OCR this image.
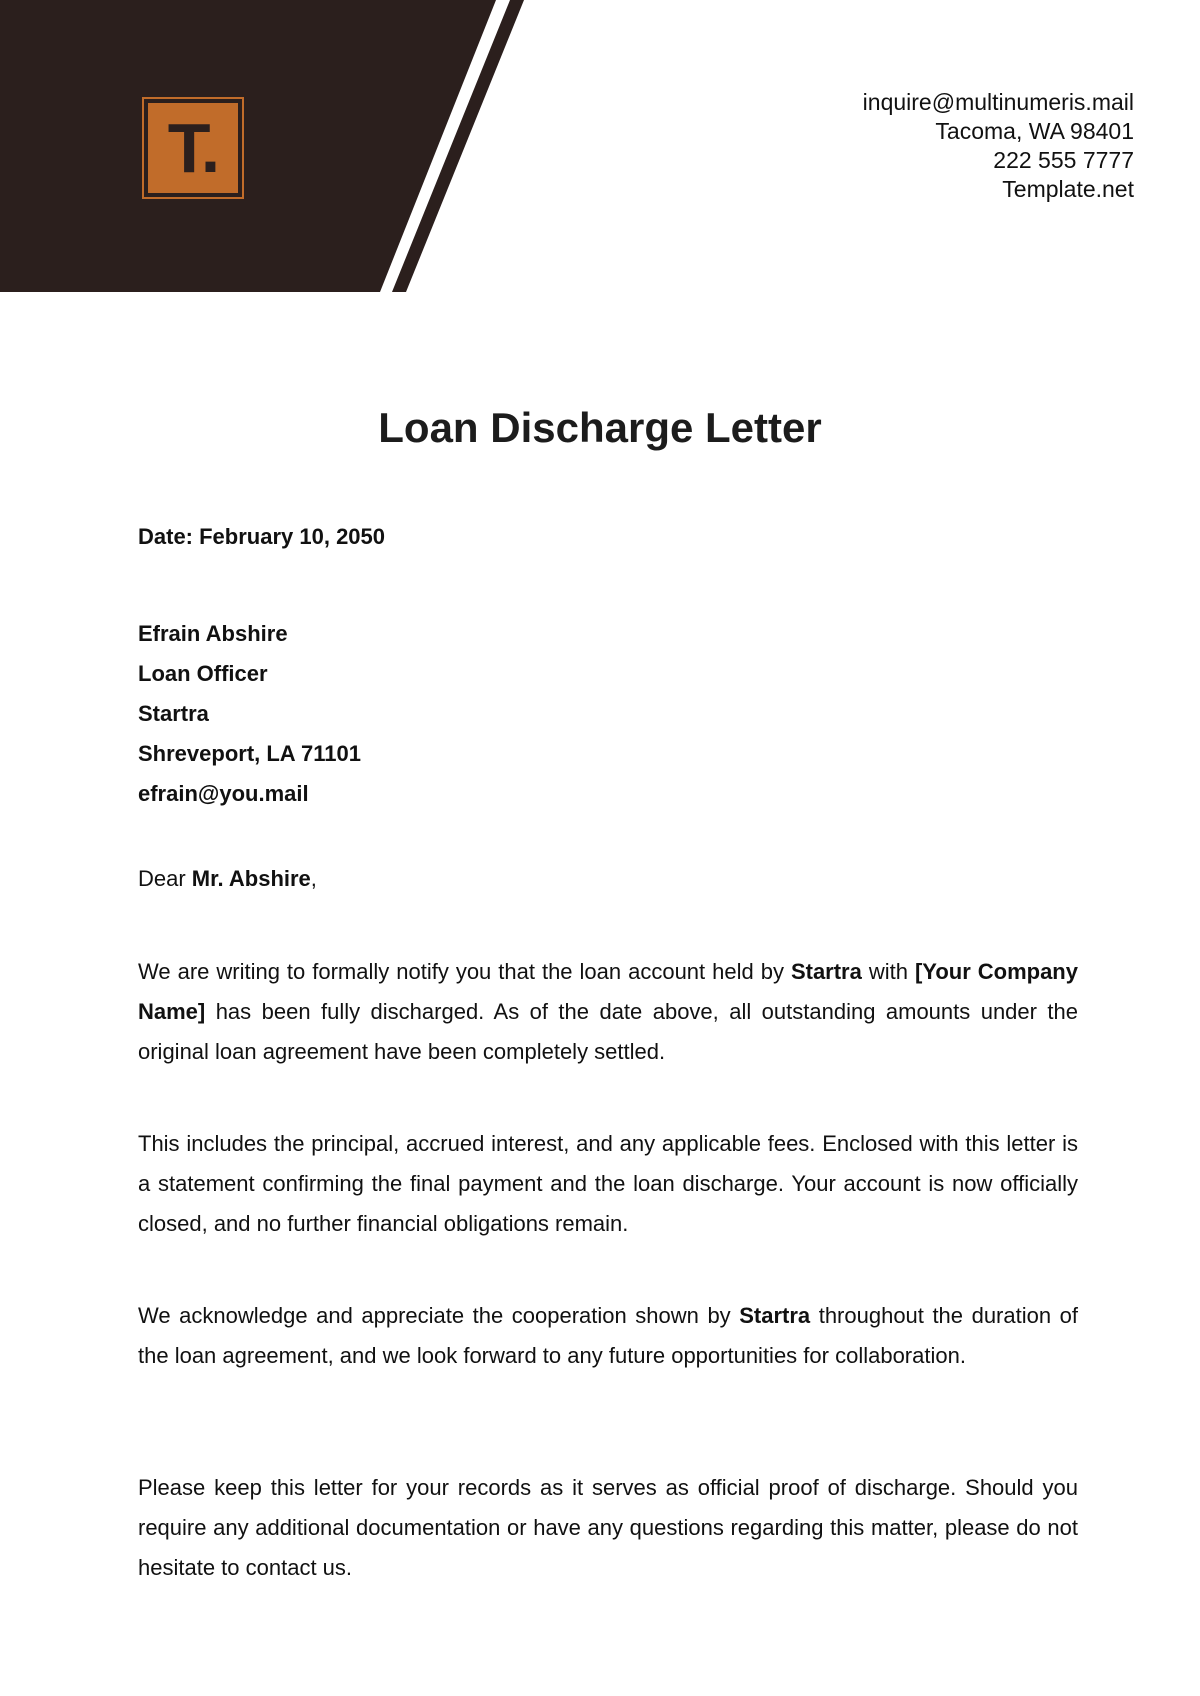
T.
inquire@multinumeris.mail
Tacoma, WA 98401
222 555 7777
Template.net
Loan Discharge Letter
Date: February 10, 2050
Efrain Abshire
Loan Officer
Startra
Shreveport, LA 71101
efrain@you.mail
Dear Mr. Abshire,

We are writing to formally notify you that the loan account held by Startra with [Your Company Name] has been fully discharged. As of the date above, all outstanding amounts under the original loan agreement have been completely settled.

This includes the principal, accrued interest, and any applicable fees. Enclosed with this letter is a statement confirming the final payment and the loan discharge. Your account is now officially closed, and no further financial obligations remain.

We acknowledge and appreciate the cooperation shown by Startra throughout the duration of the loan agreement, and we look forward to any future opportunities for collaboration.

Please keep this letter for your records as it serves as official proof of discharge. Should you require any additional documentation or have any questions regarding this matter, please do not hesitate to contact us.
